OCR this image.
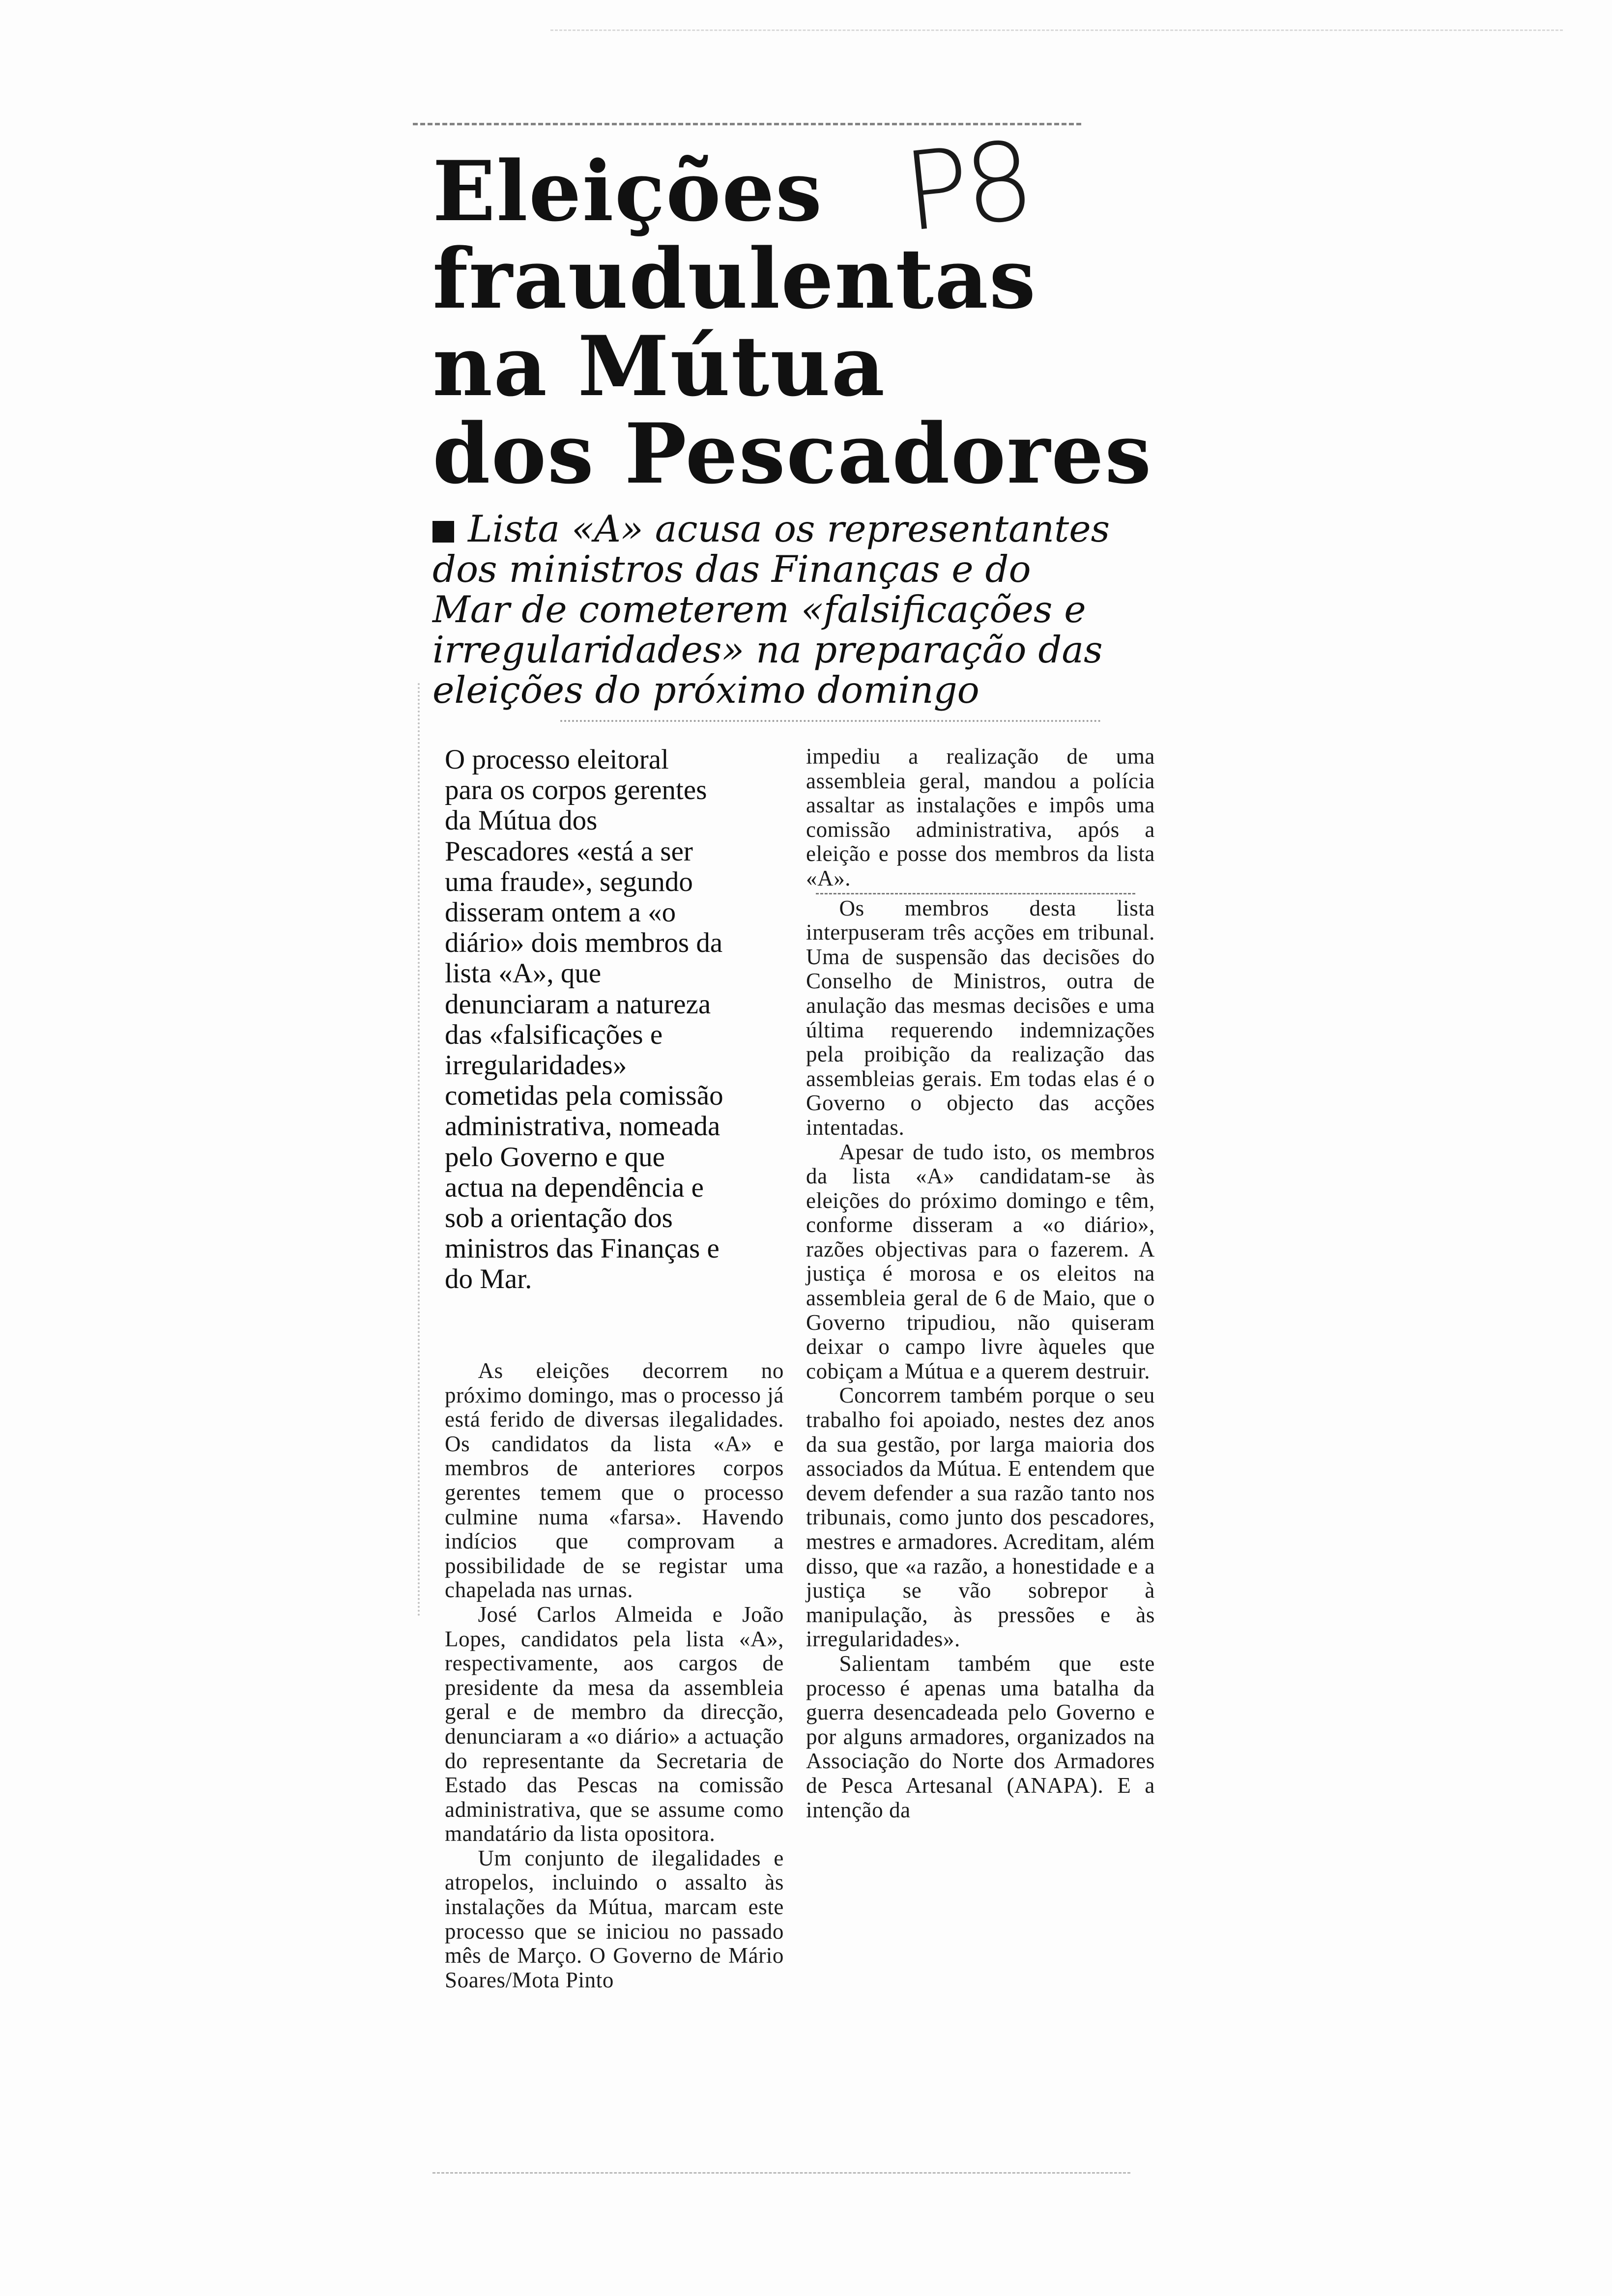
P8
Eleições
fraudulentas
na Mútua
dos Pescadores
Lista «A» acusa os representantes
dos ministros das Finanças e do
Mar de cometerem «falsificações e
irregularidades» na preparação das
eleições do próximo domingo

O processo eleitoral
para os corpos gerentes
da Mútua dos
Pescadores «está a ser
uma fraude», segundo
disseram ontem a «o
diário» dois membros da
lista «A», que
denunciaram a natureza
das «falsificações e
irregularidades»
cometidas pela comissão
administrativa, nomeada
pelo Governo e que
actua na dependência e
sob a orientação dos
ministros das Finanças e
do Mar.

As eleições decorrem no próximo domingo, mas o processo já está ferido de diversas ilegalidades. Os candidatos da lista «A» e membros de anteriores corpos gerentes temem que o processo culmine numa «farsa». Havendo indícios que comprovam a possibilidade de se registar uma chapelada nas urnas.

José Carlos Almeida e João Lopes, candidatos pela lista «A», respectivamente, aos cargos de presidente da mesa da assembleia geral e de membro da direcção, denunciaram a «o diário» a actuação do representante da Secretaria de Estado das Pescas na comissão administrativa, que se assume como mandatário da lista opositora.

Um conjunto de ilegalidades e atropelos, incluindo o assalto às instalações da Mútua, marcam este processo que se iniciou no passado mês de Março. O Governo de Mário Soares/Mota Pinto

impediu a realização de uma assembleia geral, mandou a polícia assaltar as instalações e impôs uma comissão administrativa, após a eleição e posse dos membros da lista «A».

Os membros desta lista interpuseram três acções em tribunal. Uma de suspensão das decisões do Conselho de Ministros, outra de anulação das mesmas decisões e uma última requerendo indemnizações pela proibição da realização das assembleias gerais. Em todas elas é o Governo o objecto das acções intentadas.

Apesar de tudo isto, os membros da lista «A» candidatam-se às eleições do próximo domingo e têm, conforme disseram a «o diário», razões objectivas para o fazerem. A justiça é morosa e os eleitos na assembleia geral de 6 de Maio, que o Governo tripudiou, não quiseram deixar o campo livre àqueles que cobiçam a Mútua e a querem destruir.

Concorrem também porque o seu trabalho foi apoiado, nestes dez anos da sua gestão, por larga maioria dos associados da Mútua. E entendem que devem defender a sua razão tanto nos tribunais, como junto dos pescadores, mestres e armadores. Acreditam, além disso, que «a razão, a honestidade e a justiça se vão sobrepor à manipulação, às pressões e às irregularidades».

Salientam também que este processo é apenas uma batalha da guerra desencadeada pelo Governo e por alguns armadores, organizados na Associação do Norte dos Armadores de Pesca Artesanal (ANAPA). E a intenção da
